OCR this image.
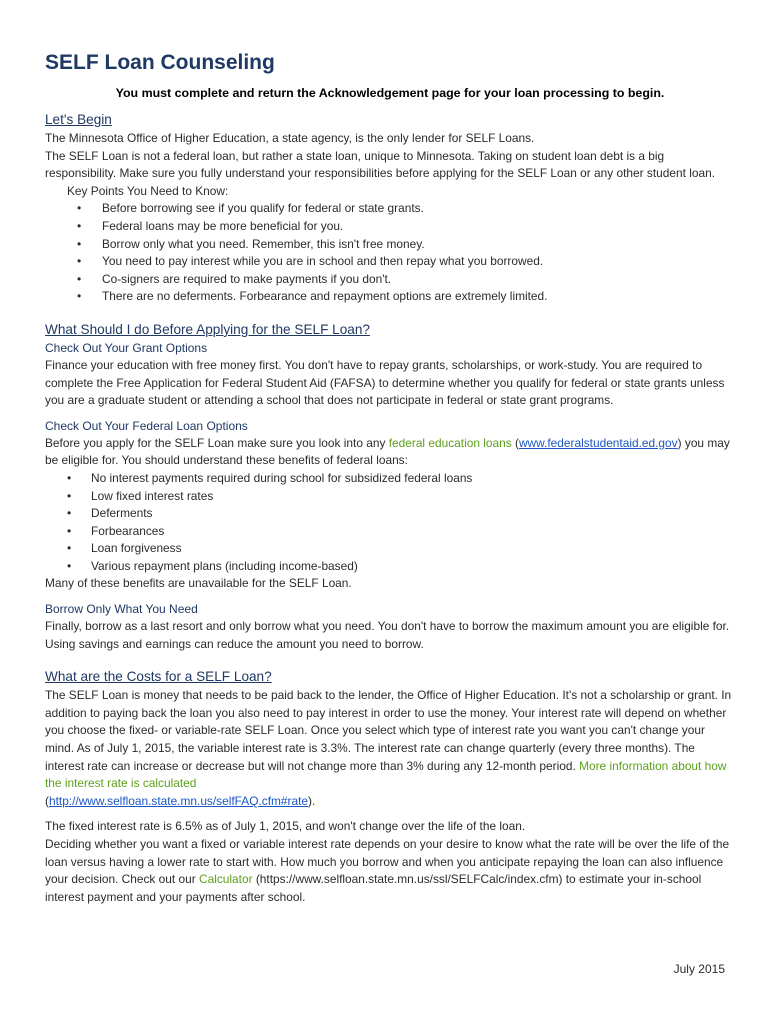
SELF Loan Counseling
You must complete and return the Acknowledgement page for your loan processing to begin.
Let's Begin

The Minnesota Office of Higher Education, a state agency, is the only lender for SELF Loans.

The SELF Loan is not a federal loan, but rather a state loan, unique to Minnesota. Taking on student loan debt is a big responsibility. Make sure you fully understand your responsibilities before applying for the SELF Loan or any other student loan.

Key Points You Need to Know:

• Before borrowing see if you qualify for federal or state grants.
• Federal loans may be more beneficial for you.
• Borrow only what you need. Remember, this isn't free money.
• You need to pay interest while you are in school and then repay what you borrowed.
• Co-signers are required to make payments if you don't.
• There are no deferments. Forbearance and repayment options are extremely limited.
What Should I do Before Applying for the SELF Loan?
Check Out Your Grant Options

Finance your education with free money first. You don't have to repay grants, scholarships, or work-study. You are required to complete the Free Application for Federal Student Aid (FAFSA) to determine whether you qualify for federal or state grants unless you are a graduate student or attending a school that does not participate in federal or state grant programs.

Check Out Your Federal Loan Options

Before you apply for the SELF Loan make sure you look into any federal education loans (www.federalstudentaid.ed.gov) you may be eligible for. You should understand these benefits of federal loans:

• No interest payments required during school for subsidized federal loans
• Low fixed interest rates
• Deferments
• Forbearances
• Loan forgiveness
• Various repayment plans (including income-based)

Many of these benefits are unavailable for the SELF Loan.

Borrow Only What You Need

Finally, borrow as a last resort and only borrow what you need. You don't have to borrow the maximum amount you are eligible for. Using savings and earnings can reduce the amount you need to borrow.

What are the Costs for a SELF Loan?

The SELF Loan is money that needs to be paid back to the lender, the Office of Higher Education. It's not a scholarship or grant. In addition to paying back the loan you also need to pay interest in order to use the money. Your interest rate will depend on whether you choose the fixed- or variable-rate SELF Loan. Once you select which type of interest rate you want you can't change your mind. As of July 1, 2015, the variable interest rate is 3.3%. The interest rate can change quarterly (every three months). The interest rate can increase or decrease but will not change more than 3% during any 12-month period. More information about how the interest rate is calculated
(http://www.selfloan.state.mn.us/selfFAQ.cfm#rate).

The fixed interest rate is 6.5% as of July 1, 2015, and won't change over the life of the loan.

Deciding whether you want a fixed or variable interest rate depends on your desire to know what the rate will be over the life of the loan versus having a lower rate to start with. How much you borrow and when you anticipate repaying the loan can also influence your decision. Check out our Calculator (https://www.selfloan.state.mn.us/ssl/SELFCalc/index.cfm) to estimate your in-school interest payment and your payments after school.

July 2015
